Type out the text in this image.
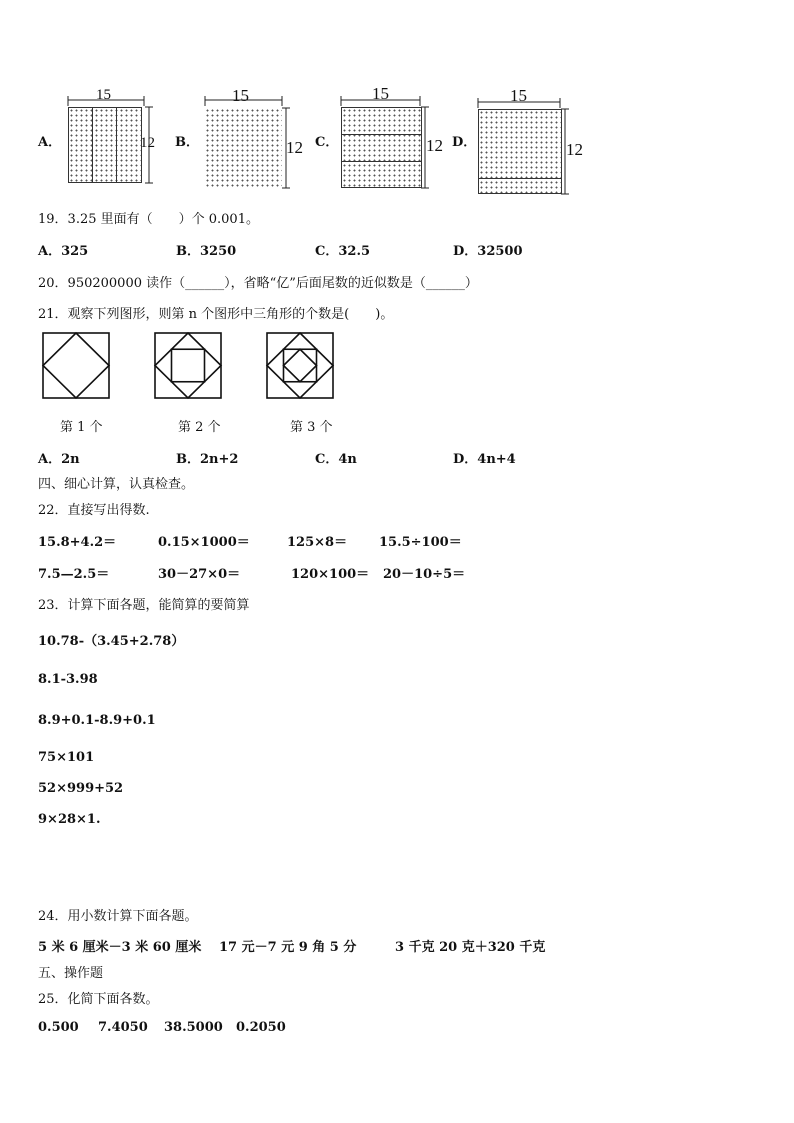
A．
15
12 B．
15
12 C．
15
12 D．
15
12
19．3.25 里面有（　　）个 0.001。
A．325	B．3250	C．32.5	D．32500
20．950200000 读作（______），省略“亿”后面尾数的近似数是（______）
21．观察下列图形，则第 n 个图形中三角形的个数是(　　)。
第 1 个	第 2 个	第 3 个
A．2n	B．2n+2	C．4n	D．4n+4
四、细心计算，认真检查。
22．直接写出得数.
15.8+4.2＝	0.15×1000＝	125×8＝ 15.5÷100＝
7.5—2.5＝	30－27×0＝	120×100＝ 20－10÷5＝
23．计算下面各题，能简算的要简算
10.78-（3.45+2.78）
8.1-3.98
8.9+0.1-8.9+0.1
75×101
52×999+52
9×28×1.
24．用小数计算下面各题。
5 米 6 厘米－3 米 60 厘米 17 元－7 元 9 角 5 分	3 千克 20 克＋320 千克
五、操作题
25．化简下面各数。
0.500 7.4050 38.5000 0.2050
